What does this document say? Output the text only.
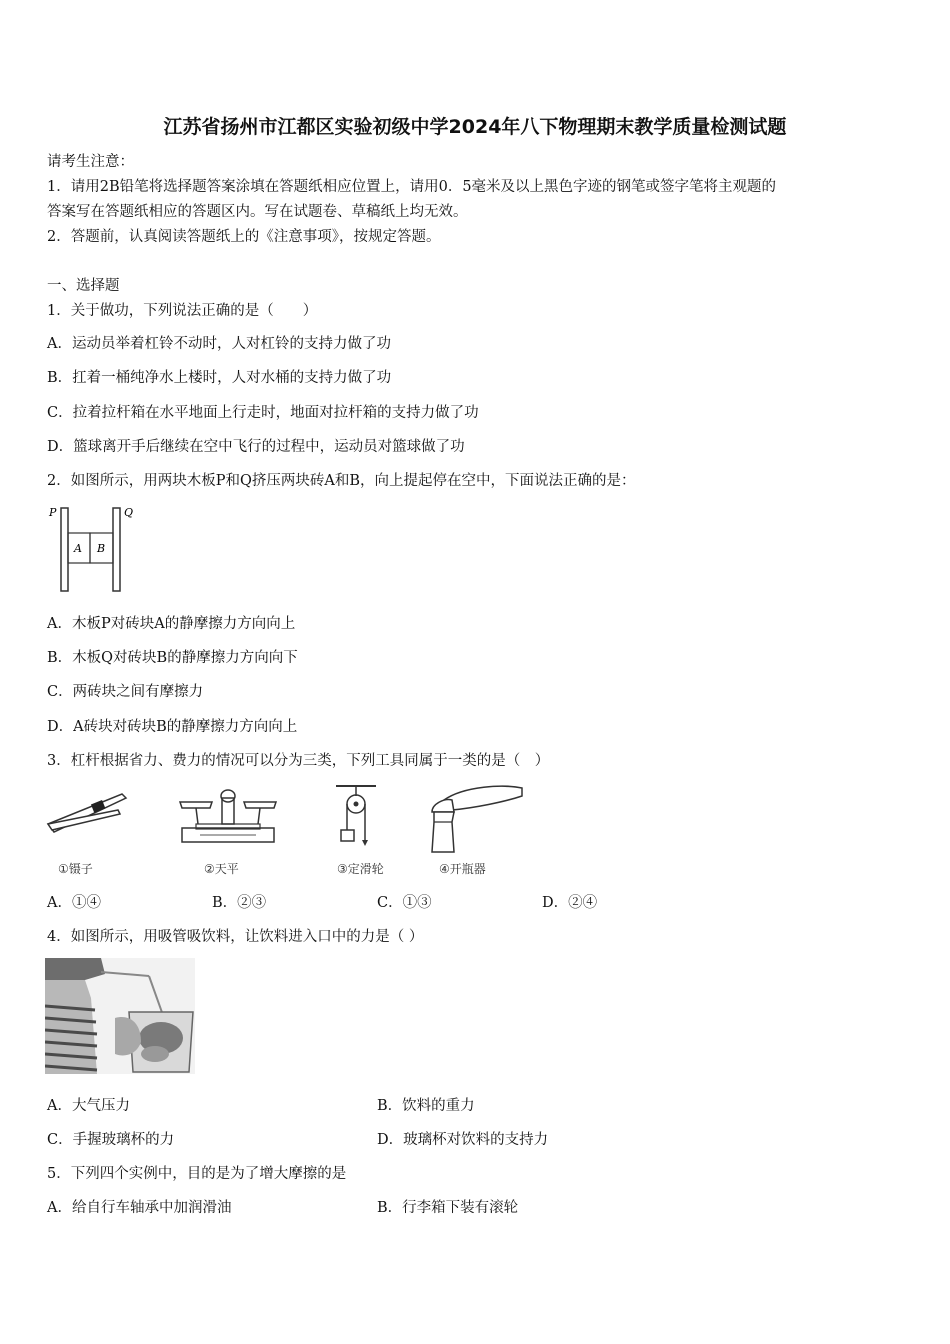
江苏省扬州市江都区实验初级中学2024年八下物理期末教学质量检测试题
请考生注意：
1．请用2B铅笔将选择题答案涂填在答题纸相应位置上，请用0．5毫米及以上黑色字迹的钢笔或签字笔将主观题的
答案写在答题纸相应的答题区内。写在试题卷、草稿纸上均无效。
2．答题前，认真阅读答题纸上的《注意事项》，按规定答题。
一、选择题
1．关于做功，下列说法正确的是（　　）
A．运动员举着杠铃不动时，人对杠铃的支持力做了功
B．扛着一桶纯净水上楼时，人对水桶的支持力做了功
C．拉着拉杆箱在水平地面上行走时，地面对拉杆箱的支持力做了功
D．篮球离开手后继续在空中飞行的过程中，运动员对篮球做了功
2．如图所示，用两块木板P和Q挤压两块砖A和B，向上提起停在空中，下面说法正确的是：
P	Q
A B
A．木板P对砖块A的静摩擦力方向向上
B．木板Q对砖块B的静摩擦力方向向下
C．两砖块之间有摩擦力
D．A砖块对砖块B的静摩擦力方向向上
3．杠杆根据省力、费力的情况可以分为三类，下列工具同属于一类的是（　）
①镊子	②天平	③定滑轮	④开瓶器
A．①④	B．②③	C．①③	D．②④
4．如图所示，用吸管吸饮料，让饮料进入口中的力是（ ）
A．大气压力	B．饮料的重力
C．手握玻璃杯的力	D．玻璃杯对饮料的支持力
5．下列四个实例中，目的是为了增大摩擦的是
A．给自行车轴承中加润滑油	B．行李箱下装有滚轮
